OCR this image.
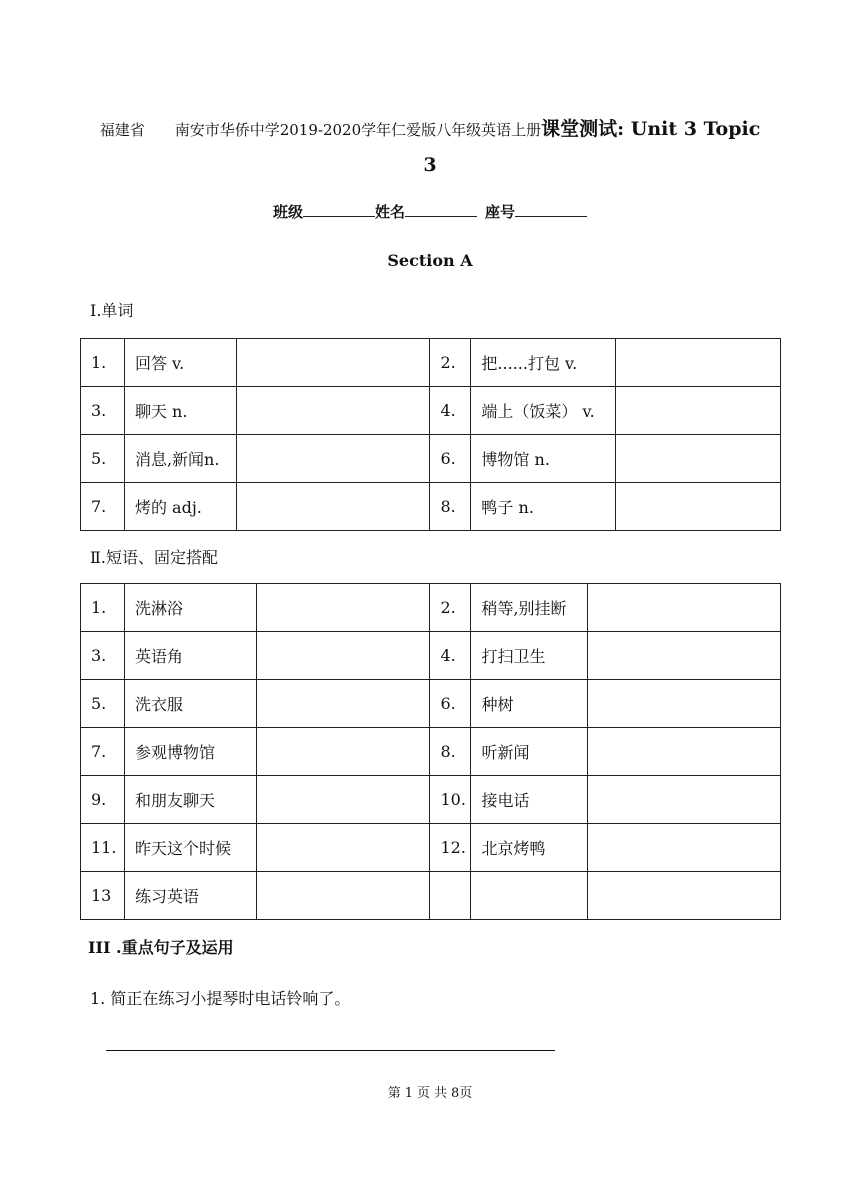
福建省 南安市华侨中学2019-2020学年仁爱版八年级英语上册课堂测试: Unit 3 Topic
3
班级	姓名	座号
Section A
Ⅰ.单词
1.	回答 v.		2.	把......打包 v.	
3.	聊天 n.		4.	端上（饭菜） v.	
5.	消息,新闻n.		6.	博物馆 n.	
7.	烤的 adj.		8.	鸭子 n.	
Ⅱ.短语、固定搭配
1.	洗淋浴		2.	稍等,别挂断	
3.	英语角		4.	打扫卫生	
5.	洗衣服		6.	种树	
7.	参观博物馆		8.	听新闻	
9.	和朋友聊天		10.	接电话	
11.	昨天这个时候		12.	北京烤鸭	
13	练习英语				
III .重点句子及运用
1. 简正在练习小提琴时电话铃响了。
第 1 页 共 8页
